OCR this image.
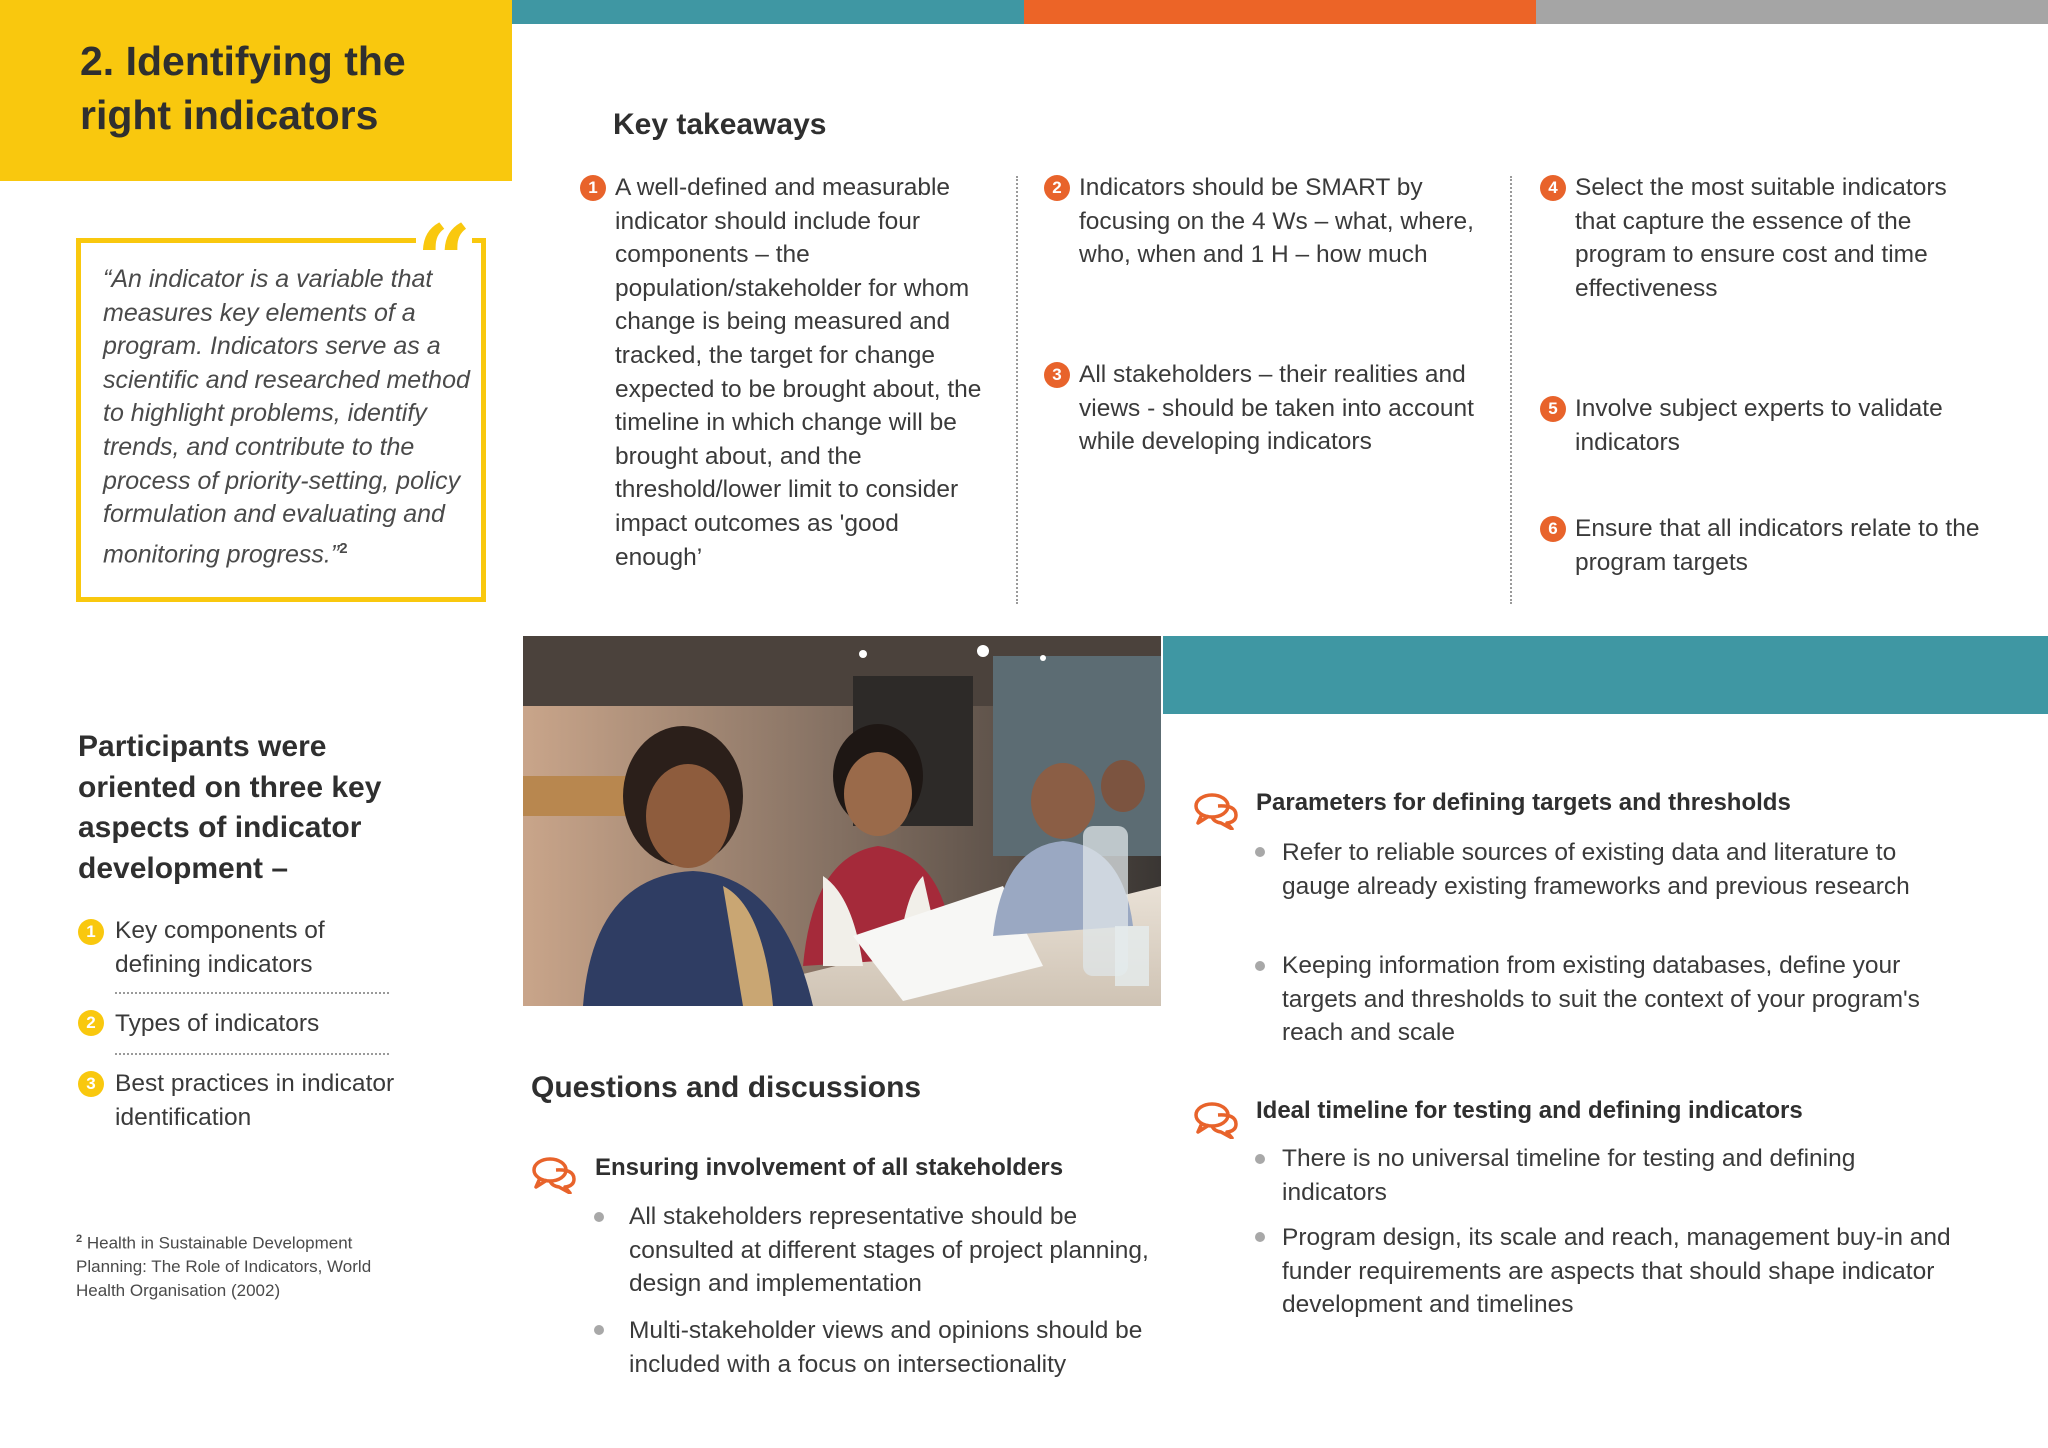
2. Identifying the right indicators
“An indicator is a variable that measures key elements of a program. Indicators serve as a scientific and researched method to highlight problems, identify trends, and contribute to the process of priority-setting, policy formulation and evaluating and monitoring progress.”$^2$
“
Key takeaways
1 A well-defined and measurable indicator should include four components – the population/stakeholder for whom change is being measured and tracked, the target for change expected to be brought about, the timeline in which change will be brought about, and the threshold/lower limit to consider impact outcomes as 'good enough’
2 Indicators should be SMART by focusing on the 4 Ws – what, where, who, when and 1 H – how much
3 All stakeholders – their realities and views - should be taken into account while developing indicators
4 Select the most suitable indicators that capture the essence of the program to ensure cost and time effectiveness
5 Involve subject experts to validate indicators
6 Ensure that all indicators relate to the program targets
Participants were oriented on three key aspects of indicator development –
1 Key components of defining indicators
2 Types of indicators
3 Best practices in indicator identification
$^2$ Health in Sustainable Development Planning: The Role of Indicators, World Health Organisation (2002)
Questions and discussions
Ensuring involvement of all stakeholders
All stakeholders representative should be consulted at different stages of project planning, design and implementation
Multi-stakeholder views and opinions should be included with a focus on intersectionality
Parameters for defining targets and thresholds
Refer to reliable sources of existing data and literature to gauge already existing frameworks and previous research
Keeping information from existing databases, define your targets and thresholds to suit the context of your program's reach and scale
Ideal timeline for testing and defining indicators
There is no universal timeline for testing and defining indicators
Program design, its scale and reach, management buy-in and funder requirements are aspects that should shape indicator development and timelines
